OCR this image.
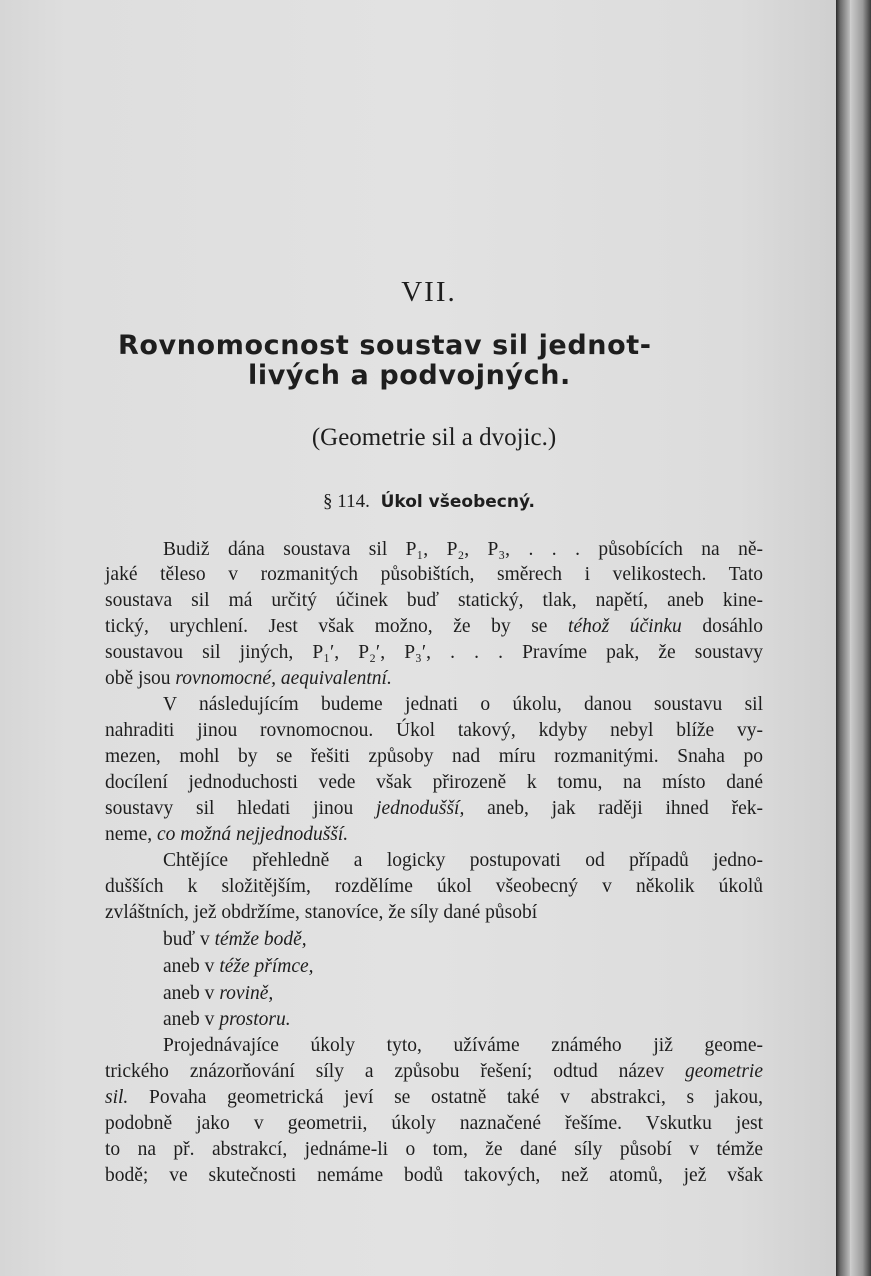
VII.
Rovnomocnost soustav sil jednot-
livých a podvojných.
(Geometrie sil a dvojic.)
§ 114. Úkol všeobecný.
Budiž dána soustava sil P₁, P₂, P₃, . . . působících na ně-
jaké těleso v rozmanitých působištích, směrech i velikostech. Tato
soustava sil má určitý účinek buď statický, tlak, napětí, aneb kine-
tický, urychlení. Jest však možno, že by se téhož účinku dosáhlo
soustavou sil jiných, P₁′, P₂′, P₃′, . . . Pravíme pak, že soustavy
obě jsou rovnomocné, aequivalentní.
V následujícím budeme jednati o úkolu, danou soustavu sil
nahraditi jinou rovnomocnou. Úkol takový, kdyby nebyl blíže vy-
mezen, mohl by se řešiti způsoby nad míru rozmanitými. Snaha po
docílení jednoduchosti vede však přirozeně k tomu, na místo dané
soustavy sil hledati jinou jednodušší, aneb, jak raději ihned řek-
neme, co možná nejjednodušší.
Chtějíce přehledně a logicky postupovati od případů jedno-
dušších k složitějším, rozdělíme úkol všeobecný v několik úkolů
zvláštních, jež obdržíme, stanovíce, že síly dané působí
buď v témže bodě,
aneb v téže přímce,
aneb v rovině,
aneb v prostoru.
Projednávajíce úkoly tyto, užíváme známého již geome-
trického znázorňování síly a způsobu řešení; odtud název geometrie
sil. Povaha geometrická jeví se ostatně také v abstrakci, s jakou,
podobně jako v geometrii, úkoly naznačené řešíme. Vskutku jest
to na př. abstrakcí, jednáme-li o tom, že dané síly působí v témže
bodě; ve skutečnosti nemáme bodů takových, než atomů, jež však
